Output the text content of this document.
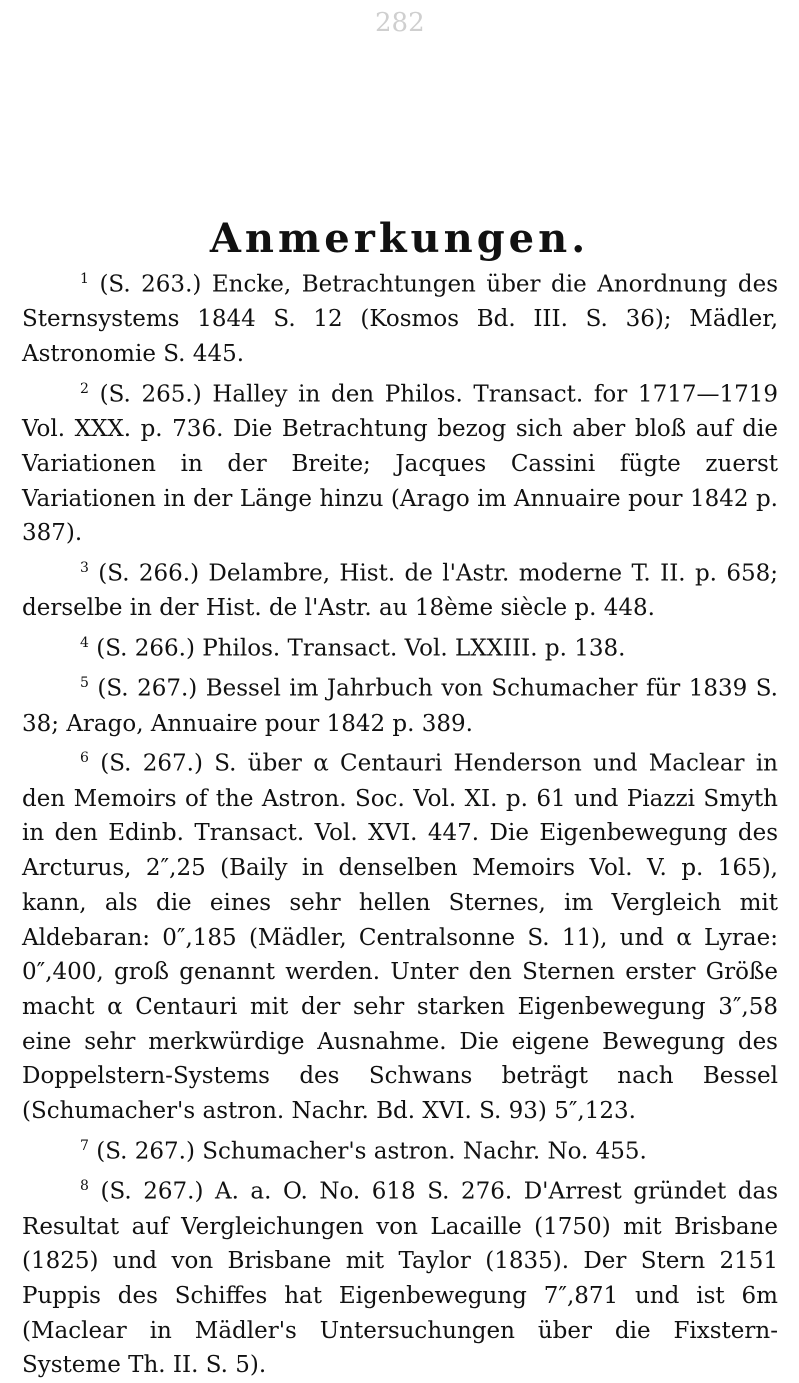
282
Anmerkungen.

$^1$ (S. 263.) Encke, Betrachtungen über die Anordnung des Sternsystems 1844 S. 12 (Kosmos Bd. III. S. 36); Mädler, Astronomie S. 445.

$^2$ (S. 265.) Halley in den Philos. Transact. for 1717—1719 Vol. XXX. p. 736. Die Betrachtung bezog sich aber bloß auf die Variationen in der Breite; Jacques Cassini fügte zuerst Variationen in der Länge hinzu (Arago im Annuaire pour 1842 p. 387).

$^3$ (S. 266.) Delambre, Hist. de l'Astr. moderne T. II. p. 658; derselbe in der Hist. de l'Astr. au 18ème siècle p. 448.

$^4$ (S. 266.) Philos. Transact. Vol. LXXIII. p. 138.

$^5$ (S. 267.) Bessel im Jahrbuch von Schumacher für 1839 S. 38; Arago, Annuaire pour 1842 p. 389.

$^6$ (S. 267.) S. über α Centauri Henderson und Maclear in den Memoirs of the Astron. Soc. Vol. XI. p. 61 und Piazzi Smyth in den Edinb. Transact. Vol. XVI. 447. Die Eigenbewegung des Arcturus, 2″,25 (Baily in denselben Memoirs Vol. V. p. 165), kann, als die eines sehr hellen Sternes, im Vergleich mit Aldebaran: 0″,185 (Mädler, Centralsonne S. 11), und α Lyrae: 0″,400, groß genannt werden. Unter den Sternen erster Größe macht α Centauri mit der sehr starken Eigenbewegung 3″,58 eine sehr merkwürdige Ausnahme. Die eigene Bewegung des Doppelstern-Systems des Schwans beträgt nach Bessel (Schumacher's astron. Nachr. Bd. XVI. S. 93) 5″,123.

$^7$ (S. 267.) Schumacher's astron. Nachr. No. 455.

$^8$ (S. 267.) A. a. O. No. 618 S. 276. D'Arrest gründet das Resultat auf Vergleichungen von Lacaille (1750) mit Brisbane (1825) und von Brisbane mit Taylor (1835). Der Stern 2151 Puppis des Schiffes hat Eigenbewegung 7″,871 und ist 6m (Maclear in Mädler's Untersuchungen über die Fixstern-Systeme Th. II. S. 5).
